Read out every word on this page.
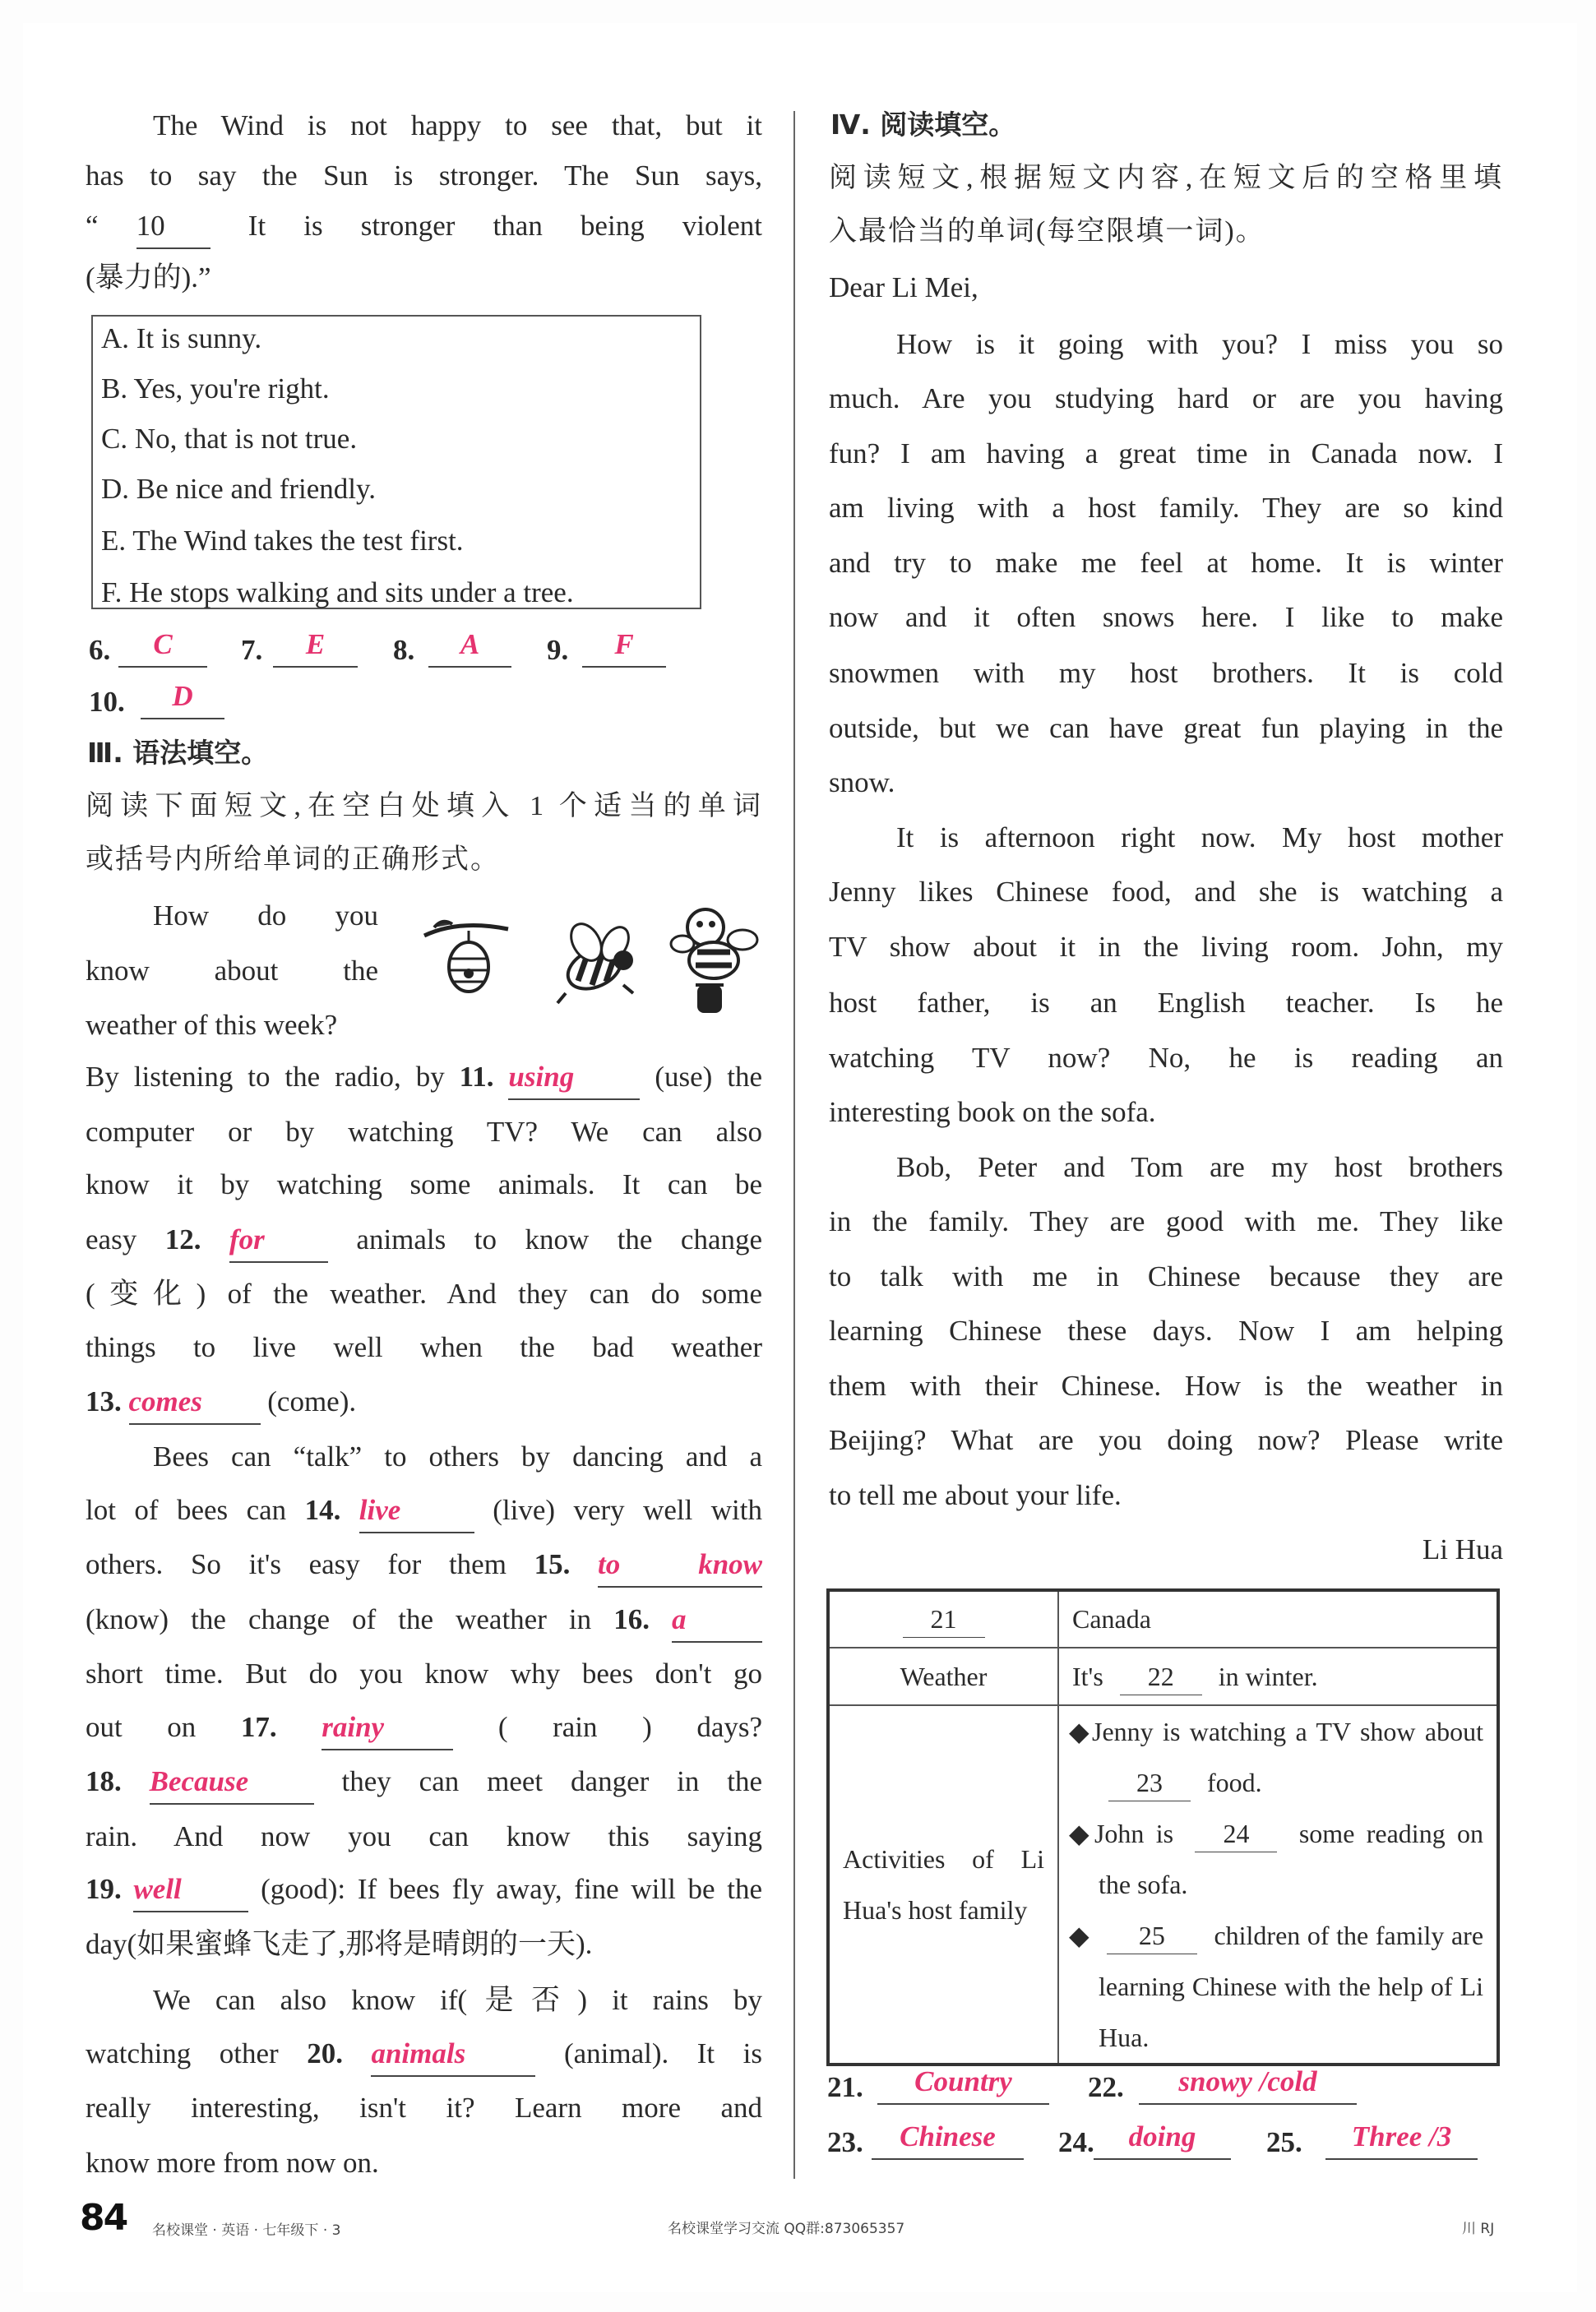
The Wind is not happy to see that, but it
has to say the Sun is stronger. The Sun says,
“ 10	It is stronger than being violent
(暴力的).”
A. It is sunny.
B. Yes, you're right.
C. No, that is not true.
D. Be nice and friendly.
E. The Wind takes the test first.
F. He stops walking and sits under a tree.
6.	C	7.	E	8.	A	9.	F
10.	D
Ⅲ. 语法填空。
阅读下面短文,在空白处填入 1 个适当的单词
或括号内所给单词的正确形式。
How do you
know about the
weather of this week?
By listening to the radio, by 11. using	(use) the
computer or by watching TV? We can also
know it by watching some animals. It can be
easy 12. for	animals to know the change
(变化) of the weather. And they can do some
things to live well when the bad weather
13. comes (come).
Bees can “talk” to others by dancing and a
lot of bees can 14. live	(live) very well with
others. So it's easy for them 15. to know
(know) the change of the weather in 16. a
short time. But do you know why bees don't go
out on 17. rainy	( rain ) days?
18. Because	they can meet danger in the
rain. And now you can know this saying
19. well	(good): If bees fly away, fine will be the
day(如果蜜蜂飞走了,那将是晴朗的一天).
We can also know if(是否) it rains by
watching other 20. animals	(animal). It is
really interesting, isn't it? Learn more and
know more from now on.
Ⅳ. 阅读填空。
阅读短文,根据短文内容,在短文后的空格里填
入最恰当的单词(每空限填一词)。
Dear Li Mei,
How is it going with you? I miss you so
much. Are you studying hard or are you having
fun? I am having a great time in Canada now. I
am living with a host family. They are so kind
and try to make me feel at home. It is winter
now and it often snows here. I like to make
snowmen with my host brothers. It is cold
outside, but we can have great fun playing in the
snow.
It is afternoon right now. My host mother
Jenny likes Chinese food, and she is watching a
TV show about it in the living room. John, my
host father, is an English teacher. Is he
watching TV now? No, he is reading an
interesting book on the sofa.
Bob, Peter and Tom are my host brothers
in the family. They are good with me. They like
to talk with me in Chinese because they are
learning Chinese these days. Now I am helping
them with their Chinese. How is the weather in
Beijing? What are you doing now? Please write
to tell me about your life.
Li Hua
21	Canada
Weather	It's 22 in winter.
Activities of Li Hua's host family	◆Jenny is watching a TV show about 23 food.
◆John is 24 some reading on the sofa.
◆ 25 children of the family are learning Chinese with the help of Li Hua.
21.	Country	22.	snowy /cold
23.	Chinese	24.	doing	25.	Three /3
84 名校课堂 · 英语 · 七年级下 · 3	名校课堂学习交流 QQ群:873065357	川 RJ
